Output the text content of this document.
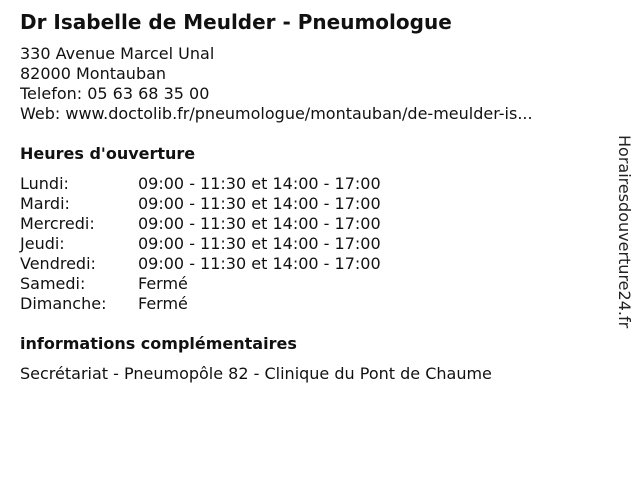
Dr Isabelle de Meulder - Pneumologue
330 Avenue Marcel Unal
82000 Montauban
Telefon: 05 63 68 35 00
Web: www.doctolib.fr/pneumologue/montauban/de-meulder-is...
Heures d'ouverture
Lundi:	09:00 - 11:30 et 14:00 - 17:00
Mardi:	09:00 - 11:30 et 14:00 - 17:00
Mercredi:	09:00 - 11:30 et 14:00 - 17:00
Jeudi:	09:00 - 11:30 et 14:00 - 17:00
Vendredi:	09:00 - 11:30 et 14:00 - 17:00
Samedi:	Fermé
Dimanche:	Fermé
informations complémentaires
Secrétariat - Pneumopôle 82 - Clinique du Pont de Chaume
Horairesdouverture24.fr
